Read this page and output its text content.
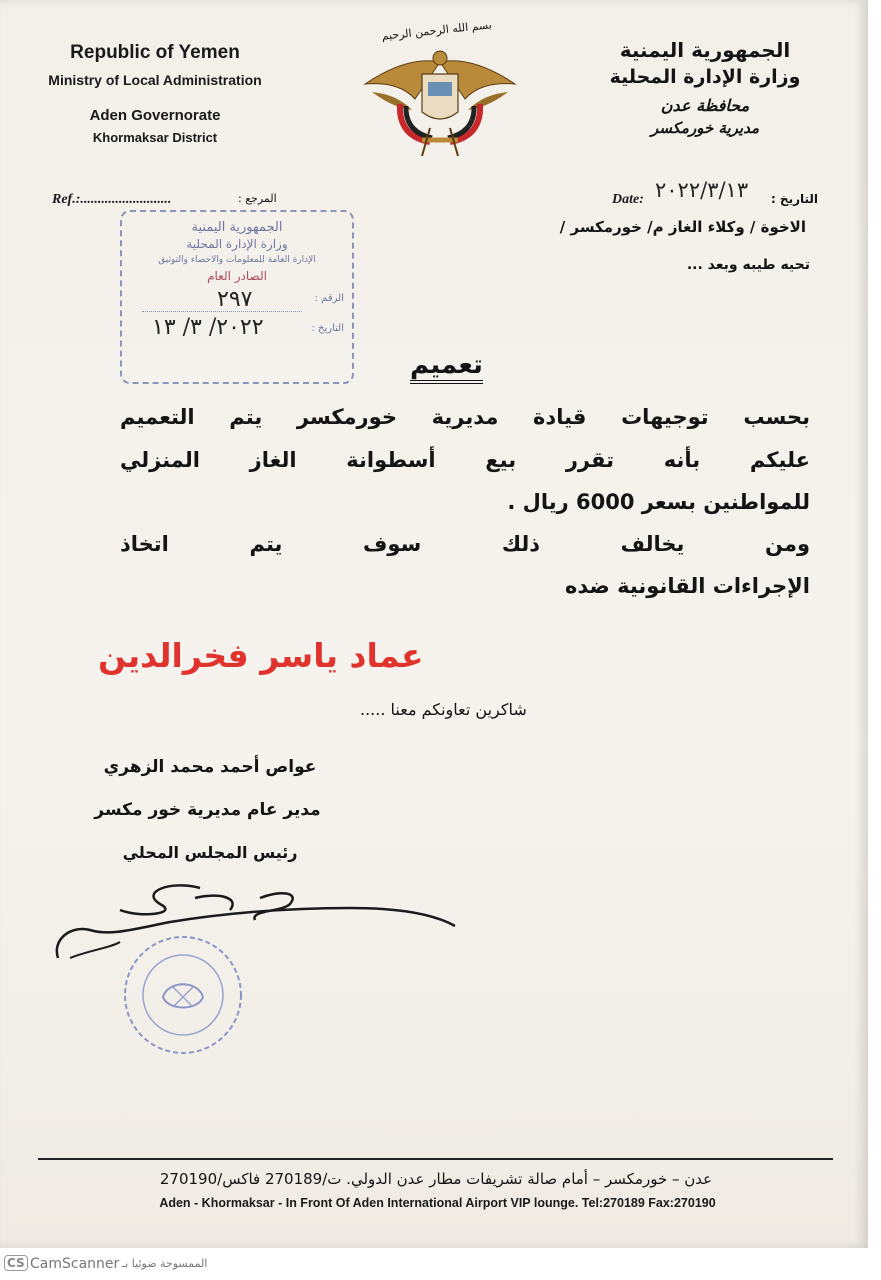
Republic of Yemen
Ministry of Local Administration
Aden Governorate
Khormaksar District
الجمهورية اليمنية
وزارة الإدارة المحلية
محافظة عدن
مديرية خورمكسر
بسم الله الرحمن الرحيم
Ref.:..........................	المرجع :	التاريخ :
Date: ٢٠٢٢/٣/١٣
الاخوة / وكلاء الغاز م/ خورمكسر /
تحيه طيبه وبعد ...
الجمهورية اليمنية
وزارة الإدارة المحلية
الإدارة العامة للمعلومات والاحصاء والتوثيق
الصادر العام
الرقم :
٢٩٧
التاريخ :
٢٠٢٢/ ٣/ ١٣
تعميم
بحسب توجيهات قيادة مديرية خورمكسر يتم التعميم
عليكم بأنه تقرر بيع أسطوانة الغاز المنزلي
للمواطنين بسعر 6000 ريال .
ومن يخالف ذلك سوف يتم اتخاذ
الإجراءات القانونية ضده
عماد ياسر فخرالدين
شاكرين تعاونكم معنا .....
عواص أحمد محمد الزهري
مدير عام مديرية خور مكسر
رئيس المجلس المحلي
عدن – خورمكسر – أمام صالة تشريفات مطار عدن الدولي. ت/270189 فاكس/270190
Aden - Khormaksar - In Front Of Aden International Airport VIP lounge. Tel:270189 Fax:270190
CS CamScanner الممسوحة ضوئيا بـ
